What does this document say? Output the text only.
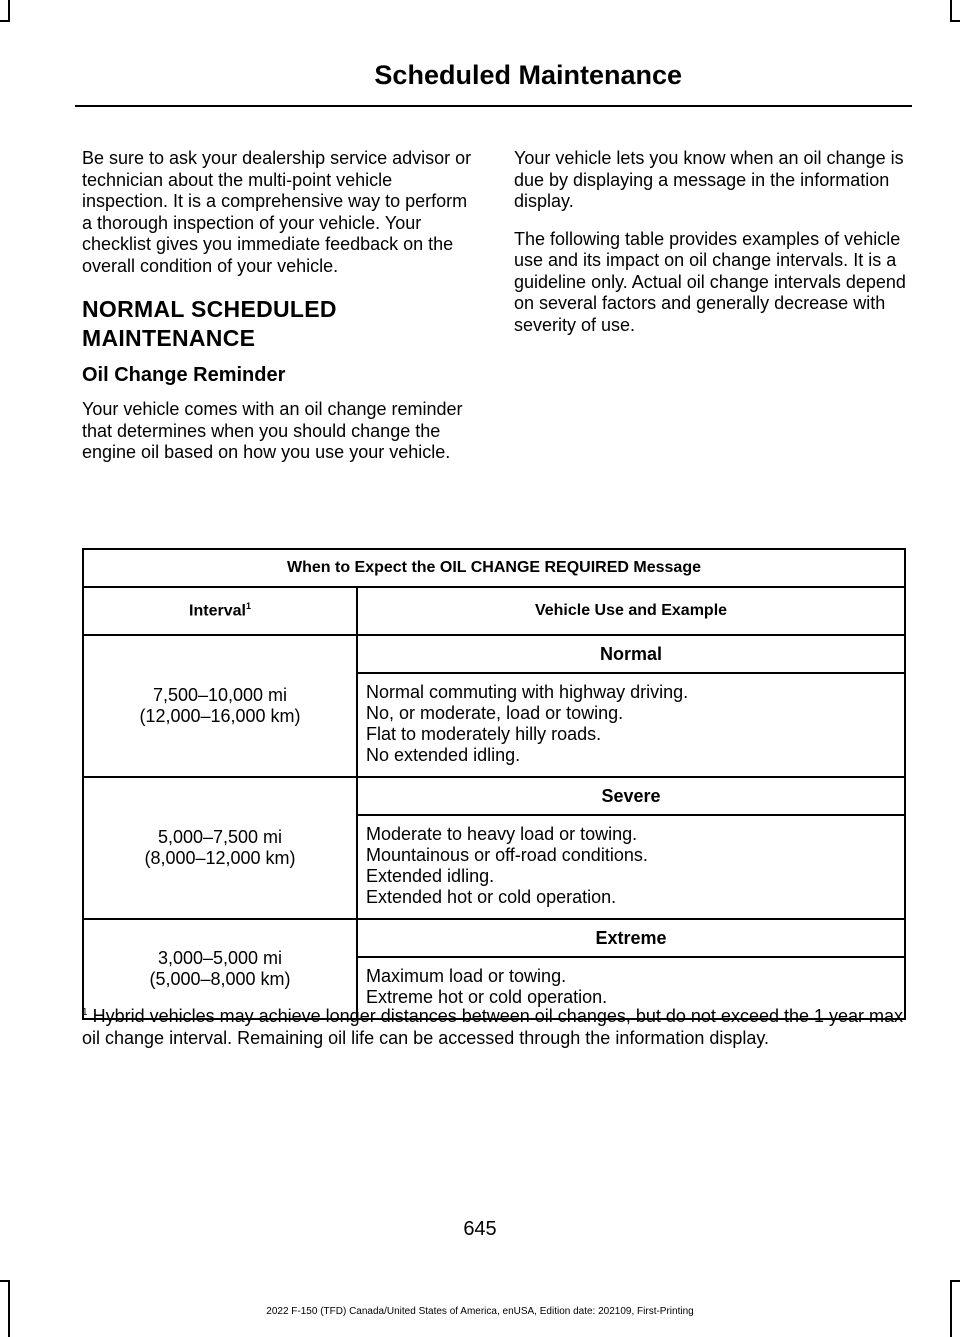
Scheduled Maintenance

Be sure to ask your dealership service advisor or technician about the multi-point vehicle inspection. It is a comprehensive way to perform a thorough inspection of your vehicle. Your checklist gives you immediate feedback on the overall condition of your vehicle.

NORMAL SCHEDULED
MAINTENANCE
Oil Change Reminder

Your vehicle comes with an oil change reminder that determines when you should change the engine oil based on how you use your vehicle.

Your vehicle lets you know when an oil change is due by displaying a message in the information display.

The following table provides examples of vehicle use and its impact on oil change intervals. It is a guideline only. Actual oil change intervals depend on several factors and generally decrease with severity of use.

When to Expect the OIL CHANGE REQUIRED Message	
Interval$^1$	Vehicle Use and Example

7,500–10,000 mi
(12,000–16,000 km)	Normal

	Normal commuting with highway driving.
No, or moderate, load or towing.
Flat to moderately hilly roads.
No extended idling.

5,000–7,500 mi
(8,000–12,000 km)	Severe

	Moderate to heavy load or towing.
Mountainous or off-road conditions.
Extended idling.
Extended hot or cold operation.

3,000–5,000 mi
(5,000–8,000 km)	Extreme

	Maximum load or towing.
Extreme hot or cold operation.
$^1$ Hybrid vehicles may achieve longer distances between oil changes, but do not exceed the 1 year max oil change interval. Remaining oil life can be accessed through the information display.
645
2022 F-150 (TFD) Canada/United States of America, enUSA, Edition date: 202109, First-Printing
